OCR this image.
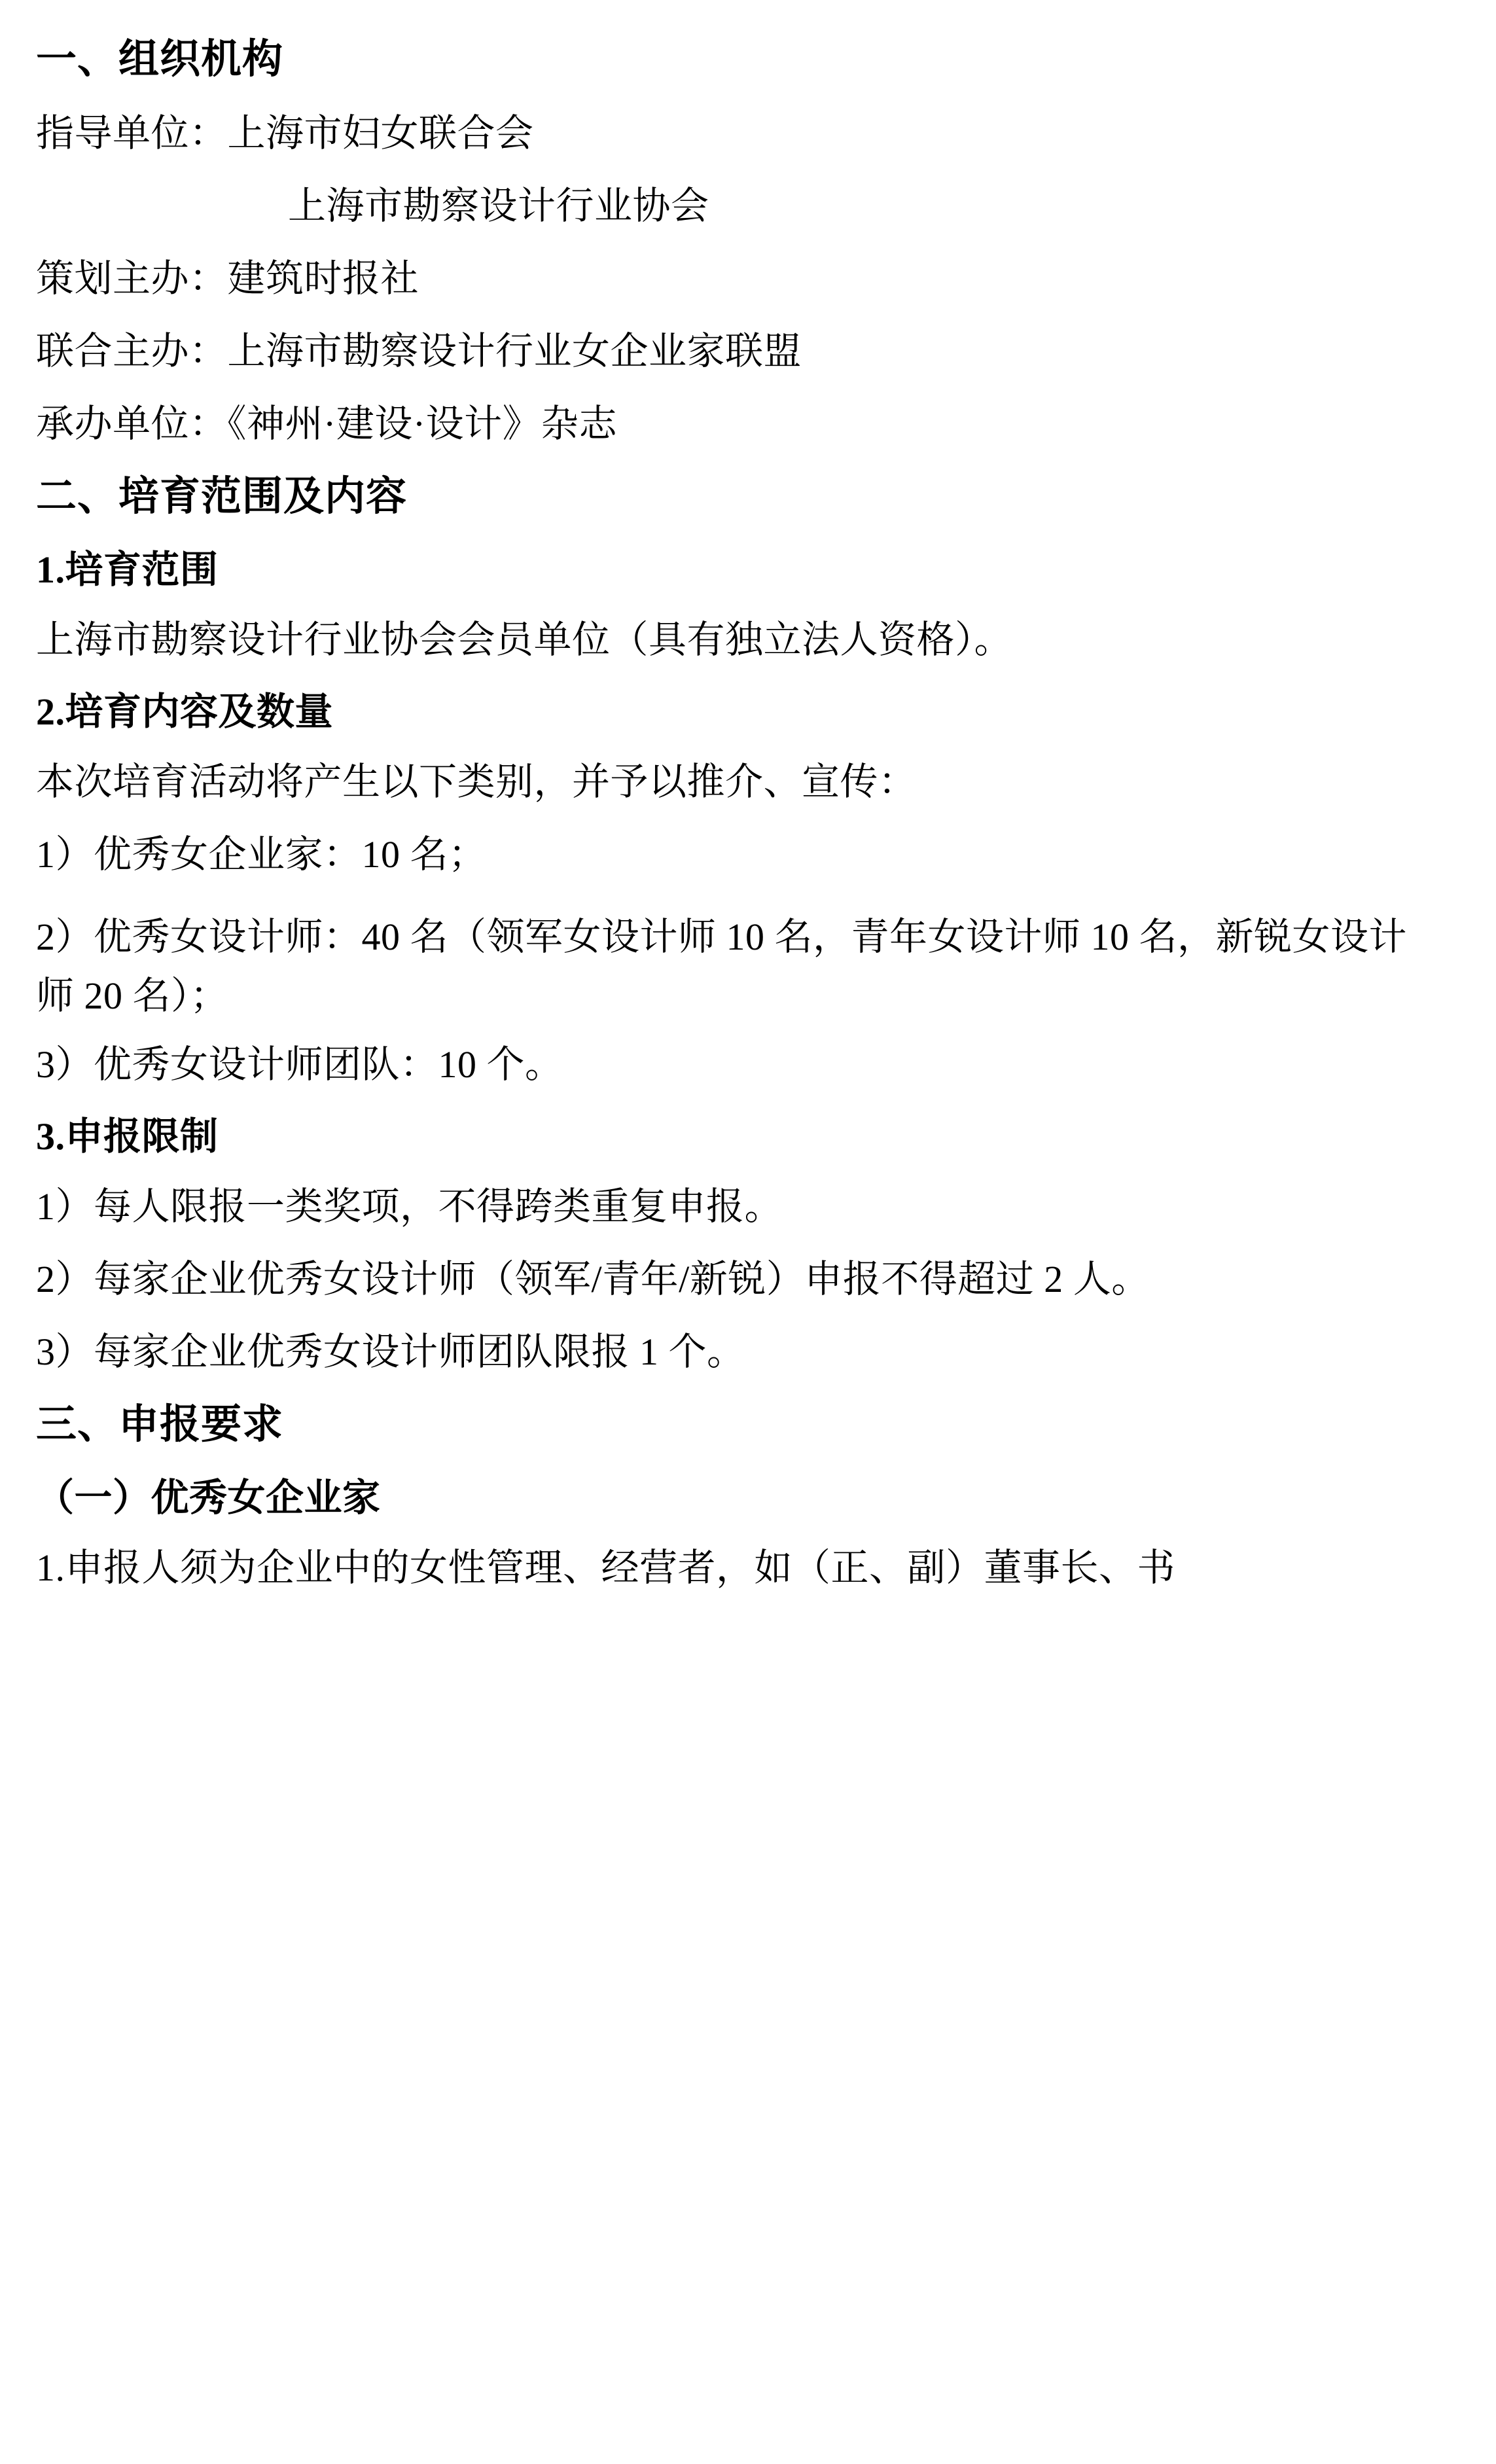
一、组织机构

指导单位：上海市妇女联合会

上海市勘察设计行业协会

策划主办：建筑时报社

联合主办：上海市勘察设计行业女企业家联盟

承办单位：《神州·建设·设计》杂志

二、培育范围及内容
1.培育范围

上海市勘察设计行业协会会员单位（具有独立法人资格）。

2.培育内容及数量

本次培育活动将产生以下类别，并予以推介、宣传：

1）优秀女企业家：10 名；

2）优秀女设计师：40 名（领军女设计师 10 名，青年女设计师 10 名，新锐女设计师 20 名）；

3）优秀女设计师团队：10 个。

3.申报限制

1）每人限报一类奖项，不得跨类重复申报。

2）每家企业优秀女设计师（领军/青年/新锐）申报不得超过 2 人。

3）每家企业优秀女设计师团队限报 1 个。

三、申报要求
（一）优秀女企业家

1.申报人须为企业中的女性管理、经营者，如（正、副）董事长、书
